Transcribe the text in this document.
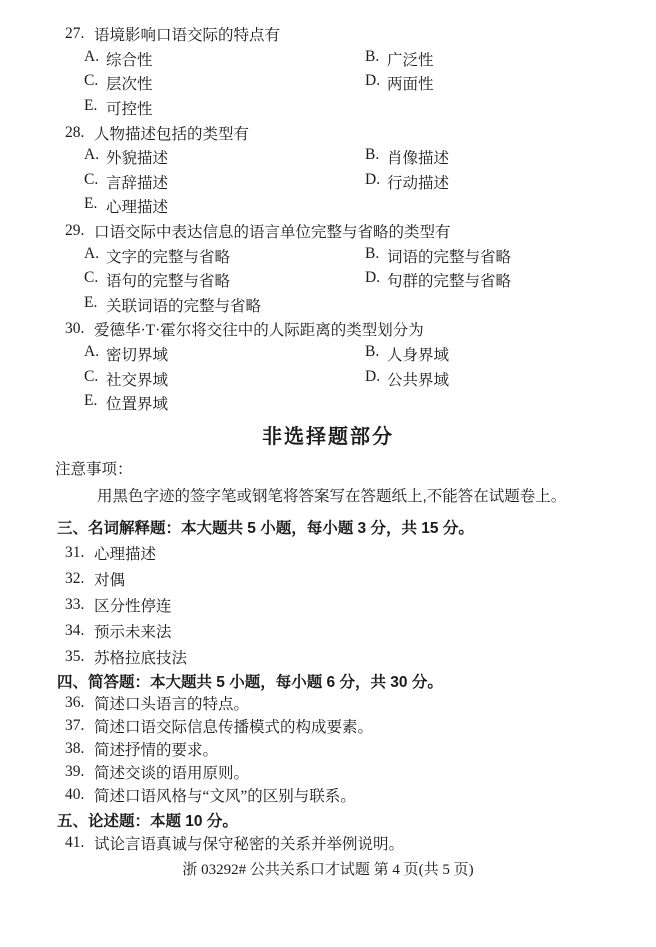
27. 语境影响口语交际的特点有
A. 综合性	B. 广泛性
C. 层次性	D. 两面性
E. 可控性
28. 人物描述包括的类型有
A. 外貌描述	B. 肖像描述
C. 言辞描述	D. 行动描述
E. 心理描述
29. 口语交际中表达信息的语言单位完整与省略的类型有
A. 文字的完整与省略	B. 词语的完整与省略
C. 语句的完整与省略	D. 句群的完整与省略
E. 关联词语的完整与省略
30. 爱德华·T·霍尔将交往中的人际距离的类型划分为
A. 密切界域	B. 人身界域
C. 社交界域	D. 公共界域
E. 位置界域
非选择题部分
注意事项：
用黑色字迹的签字笔或钢笔将答案写在答题纸上,不能答在试题卷上。
三、名词解释题：本大题共 5 小题，每小题 3 分，共 15 分。
31. 心理描述
32. 对偶
33. 区分性停连
34. 预示未来法
35. 苏格拉底技法
四、简答题：本大题共 5 小题，每小题 6 分，共 30 分。
36. 简述口头语言的特点。
37. 简述口语交际信息传播模式的构成要素。
38. 简述抒情的要求。
39. 简述交谈的语用原则。
40. 简述口语风格与“文风”的区别与联系。
五、论述题：本题 10 分。
41. 试论言语真诚与保守秘密的关系并举例说明。
浙 03292# 公共关系口才试题 第 4 页(共 5 页)
